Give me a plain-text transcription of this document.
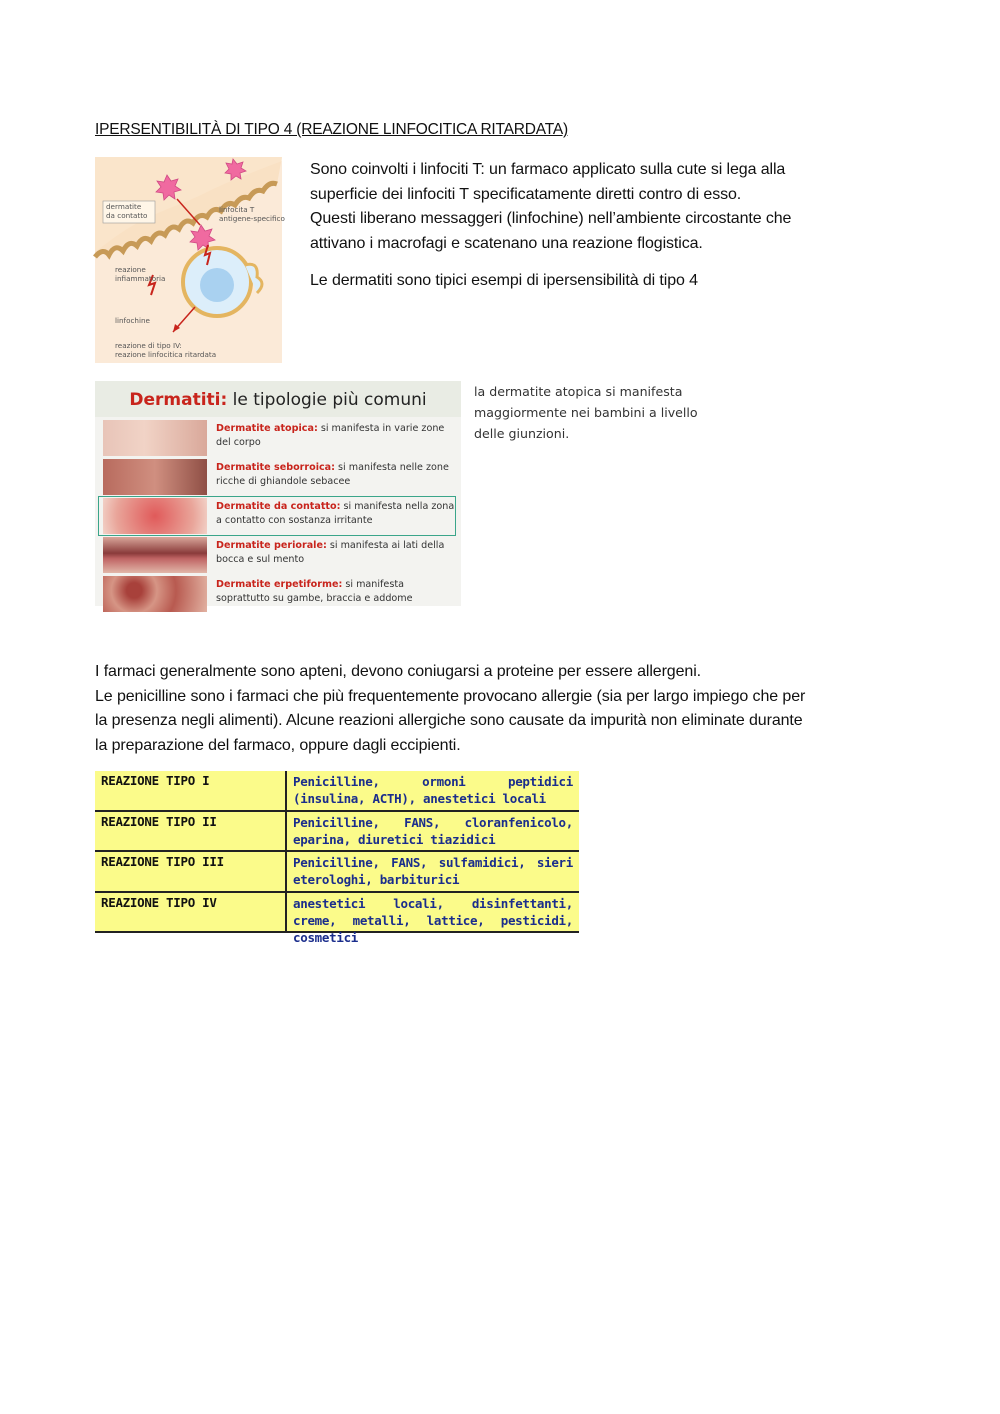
IPERSENTIBILITÀ DI TIPO 4 (REAZIONE LINFOCITICA RITARDATA)
dermatite
da contatto
linfocita T
antigene-specifico
reazione
infiammatoria
linfochine
reazione di tipo IV:
reazione linfocitica ritardata

Sono coinvolti i linfociti T: un farmaco applicato sulla cute si lega alla

superficie dei linfociti T specificatamente diretti contro di esso.

Questi liberano messaggeri (linfochine) nell’ambiente circostante che

attivano i macrofagi e scatenano una reazione flogistica.

Le dermatiti sono tipici esempi di ipersensibilità di tipo 4
Dermatiti: le tipologie più comuni
Dermatite atopica: si manifesta in varie zone del corpo
Dermatite seborroica: si manifesta nelle zone ricche di ghiandole sebacee
Dermatite da contatto: si manifesta nella zona a contatto con sostanza irritante
Dermatite periorale: si manifesta ai lati della bocca e sul mento
Dermatite erpetiforme: si manifesta soprattutto su gambe, braccia e addome
la dermatite atopica si manifesta
maggiormente nei bambini a livello
delle giunzioni.

I farmaci generalmente sono apteni, devono coniugarsi a proteine per essere allergeni.

Le penicilline sono i farmaci che più frequentemente provocano allergie (sia per largo impiego che per

la presenza negli alimenti). Alcune reazioni allergiche sono causate da impurità non eliminate durante

la preparazione del farmaco, oppure dagli eccipienti.

REAZIONE TIPO I	Penicilline, ormoni peptidici (insulina, ACTH), anestetici locali
REAZIONE TIPO II	Penicilline, FANS, cloranfenicolo, eparina, diuretici tiazidici
REAZIONE TIPO III	Penicilline, FANS, sulfamidici, sieri eterologhi, barbiturici
REAZIONE TIPO IV	anestetici locali, disinfettanti, creme, metalli, lattice, pesticidi, cosmetici
